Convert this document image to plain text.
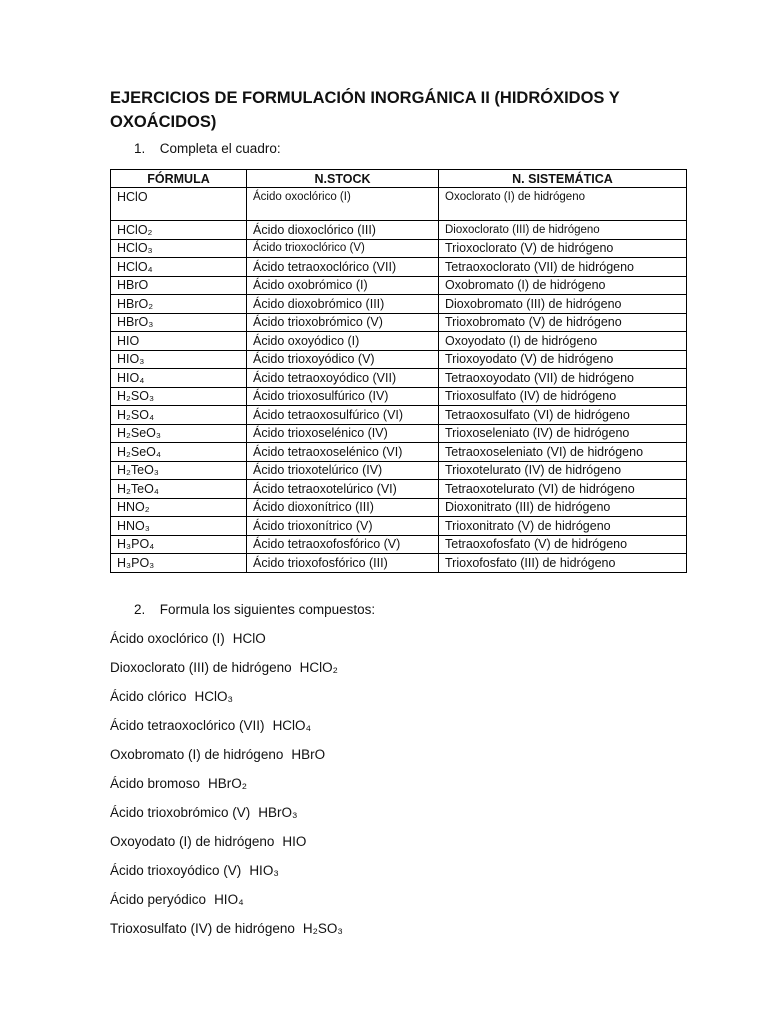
EJERCICIOS DE FORMULACIÓN INORGÁNICA II (HIDRÓXIDOS Y OXOÁCIDOS)
1. Completa el cuadro:
FÓRMULA	N.STOCK	N. SISTEMÁTICA
HClO	Ácido oxoclórico (I)	Oxoclorato (I) de hidrógeno
HClO₂	Ácido dioxoclórico (III)	Dioxoclorato (III) de hidrógeno
HClO₃	Ácido trioxoclórico (V)	Trioxoclorato (V) de hidrógeno
HClO₄	Ácido tetraoxoclórico (VII)	Tetraoxoclorato (VII) de hidrógeno
HBrO	Ácido oxobrómico (I)	Oxobromato (I) de hidrógeno
HBrO₂	Ácido dioxobrómico (III)	Dioxobromato (III) de hidrógeno
HBrO₃	Ácido trioxobrómico (V)	Trioxobromato (V) de hidrógeno
HIO	Ácido oxoyódico (I)	Oxoyodato (I) de hidrógeno
HIO₃	Ácido trioxoyódico (V)	Trioxoyodato (V) de hidrógeno
HIO₄	Ácido tetraoxoyódico (VII)	Tetraoxoyodato (VII) de hidrógeno
H₂SO₃	Ácido trioxosulfúrico (IV)	Trioxosulfato (IV) de hidrógeno
H₂SO₄	Ácido tetraoxosulfúrico (VI)	Tetraoxosulfato (VI) de hidrógeno
H₂SeO₃	Ácido trioxoselénico (IV)	Trioxoseleniato (IV) de hidrógeno
H₂SeO₄	Ácido tetraoxoselénico (VI)	Tetraoxoseleniato (VI) de hidrógeno
H₂TeO₃	Ácido trioxotelúrico (IV)	Trioxotelurato (IV) de hidrógeno
H₂TeO₄	Ácido tetraoxotelúrico (VI)	Tetraoxotelurato (VI) de hidrógeno
HNO₂	Ácido dioxonítrico (III)	Dioxonitrato (III) de hidrógeno
HNO₃	Ácido trioxonítrico (V)	Trioxonitrato (V) de hidrógeno
H₃PO₄	Ácido tetraoxofosfórico (V)	Tetraoxofosfato (V) de hidrógeno
H₃PO₃	Ácido trioxofosfórico (III)	Trioxofosfato (III) de hidrógeno
2. Formula los siguientes compuestos:
Ácido oxoclórico (I) HClO
Dioxoclorato (III) de hidrógeno HClO₂
Ácido clórico HClO₃
Ácido tetraoxoclórico (VII) HClO₄
Oxobromato (I) de hidrógeno HBrO
Ácido bromoso HBrO₂
Ácido trioxobrómico (V) HBrO₃
Oxoyodato (I) de hidrógeno HIO
Ácido trioxoyódico (V) HIO₃
Ácido peryódico HIO₄
Trioxosulfato (IV) de hidrógeno H₂SO₃
